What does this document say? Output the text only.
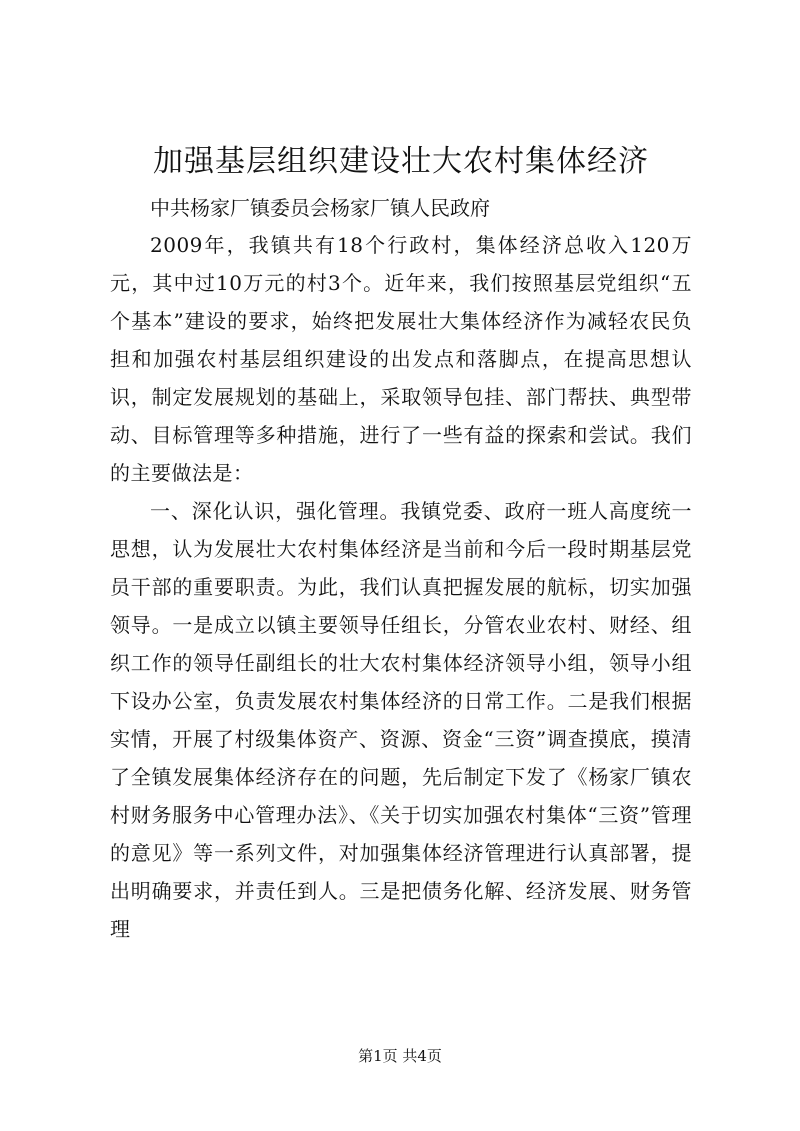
加强基层组织建设壮大农村集体经济

中共杨家厂镇委员会杨家厂镇人民政府

2009年，我镇共有18个行政村，集体经济总收入120万元，其中过10万元的村3个。近年来，我们按照基层党组织“五个基本”建设的要求，始终把发展壮大集体经济作为减轻农民负担和加强农村基层组织建设的出发点和落脚点，在提高思想认识，制定发展规划的基础上，采取领导包挂、部门帮扶、典型带动、目标管理等多种措施，进行了一些有益的探索和尝试。我们的主要做法是：

一、深化认识，强化管理。我镇党委、政府一班人高度统一思想，认为发展壮大农村集体经济是当前和今后一段时期基层党员干部的重要职责。为此，我们认真把握发展的航标，切实加强领导。一是成立以镇主要领导任组长，分管农业农村、财经、组织工作的领导任副组长的壮大农村集体经济领导小组，领导小组下设办公室，负责发展农村集体经济的日常工作。二是我们根据实情，开展了村级集体资产、资源、资金“三资”调查摸底，摸清了全镇发展集体经济存在的问题，先后制定下发了《杨家厂镇农村财务服务中心管理办法》、《关于切实加强农村集体“三资”管理的意见》等一系列文件，对加强集体经济管理进行认真部署，提出明确要求，并责任到人。三是把债务化解、经济发展、财务管理

第1页 共4页
